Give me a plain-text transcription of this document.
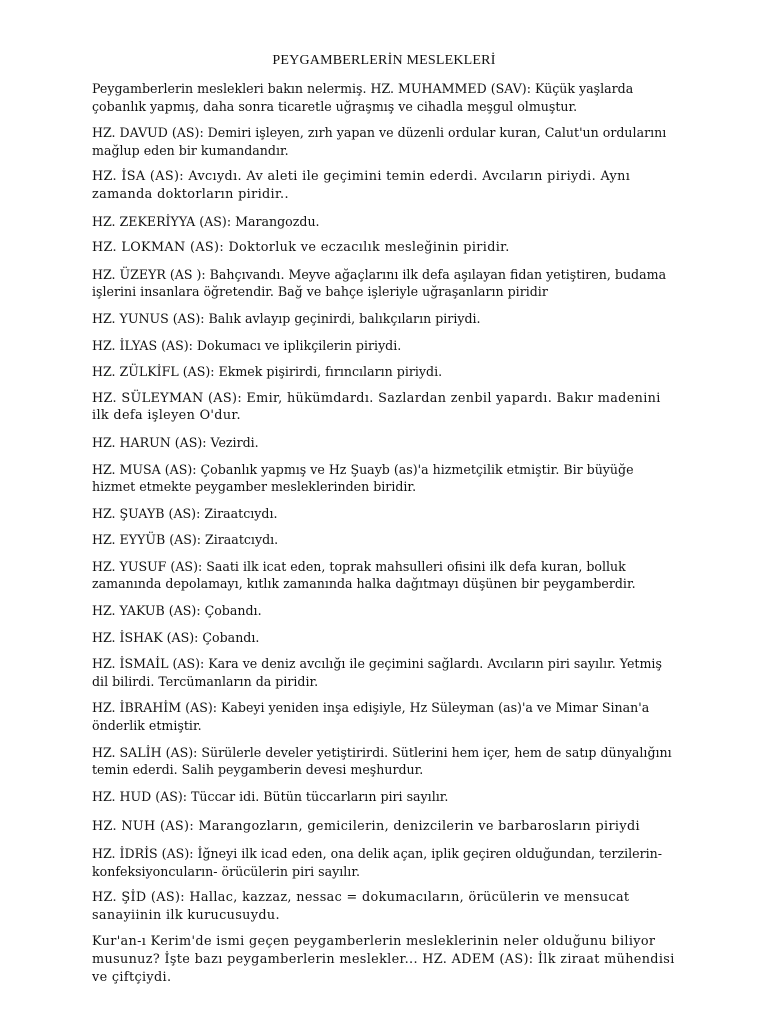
PEYGAMBERLERİN MESLEKLERİ

Peygamberlerin meslekleri bakın nelermiş. HZ. MUHAMMED (SAV): Küçük yaşlarda çobanlık yapmış, daha sonra ticaretle uğraşmış ve cihadla meşgul olmuştur.

HZ. DAVUD (AS): Demiri işleyen, zırh yapan ve düzenli ordular kuran, Calut'un ordularını mağlup eden bir kumandandır.

HZ. İSA (AS): Avcıydı. Av aleti ile geçimini temin ederdi. Avcıların piriydi. Aynı zamanda doktorların piridir..

HZ. ZEKERİYYA (AS): Marangozdu.

HZ. LOKMAN (AS): Doktorluk ve eczacılık mesleğinin piridir.

HZ. ÜZEYR (AS ): Bahçıvandı. Meyve ağaçlarını ilk defa aşılayan fidan yetiştiren, budama işlerini insanlara öğretendir. Bağ ve bahçe işleriyle uğraşanların piridir

HZ. YUNUS (AS): Balık avlayıp geçinirdi, balıkçıların piriydi.

HZ. İLYAS (AS): Dokumacı ve iplikçilerin piriydi.

HZ. ZÜLKİFL (AS): Ekmek pişirirdi, fırıncıların piriydi.

HZ. SÜLEYMAN (AS): Emir, hükümdardı. Sazlardan zenbil yapardı. Bakır madenini ilk defa işleyen O'dur.

HZ. HARUN (AS): Vezirdi.

HZ. MUSA (AS): Çobanlık yapmış ve Hz Şuayb (as)'a hizmetçilik etmiştir. Bir büyüğe hizmet etmekte peygamber mesleklerinden biridir.

HZ. ŞUAYB (AS): Ziraatcıydı.

HZ. EYYÜB (AS): Ziraatcıydı.

HZ. YUSUF (AS): Saati ilk icat eden, toprak mahsulleri ofisini ilk defa kuran, bolluk zamanında depolamayı, kıtlık zamanında halka dağıtmayı düşünen bir peygamberdir.

HZ. YAKUB (AS): Çobandı.

HZ. İSHAK (AS): Çobandı.

HZ. İSMAİL (AS): Kara ve deniz avcılığı ile geçimini sağlardı. Avcıların piri sayılır. Yetmiş dil bilirdi. Tercümanların da piridir.

HZ. İBRAHİM (AS): Kabeyi yeniden inşa edişiyle, Hz Süleyman (as)'a ve Mimar Sinan'a önderlik etmiştir.

HZ. SALİH (AS): Sürülerle develer yetiştirirdi. Sütlerini hem içer, hem de satıp dünyalığını temin ederdi. Salih peygamberin devesi meşhurdur.

HZ. HUD (AS): Tüccar idi. Bütün tüccarların piri sayılır.

HZ. NUH (AS): Marangozların, gemicilerin, denizcilerin ve barbarosların piriydi

HZ. İDRİS (AS): İğneyi ilk icad eden, ona delik açan, iplik geçiren olduğundan, terzilerin-konfeksiyoncuların- örücülerin piri sayılır.

HZ. ŞİD (AS): Hallac, kazzaz, nessac = dokumacıların, örücülerin ve mensucat sanayiinin ilk kurucusuydu.

Kur'an-ı Kerim'de ismi geçen peygamberlerin mesleklerinin neler olduğunu biliyor musunuz? İşte bazı peygamberlerin meslekler... HZ. ADEM (AS): İlk ziraat mühendisi ve çiftçiydi.
